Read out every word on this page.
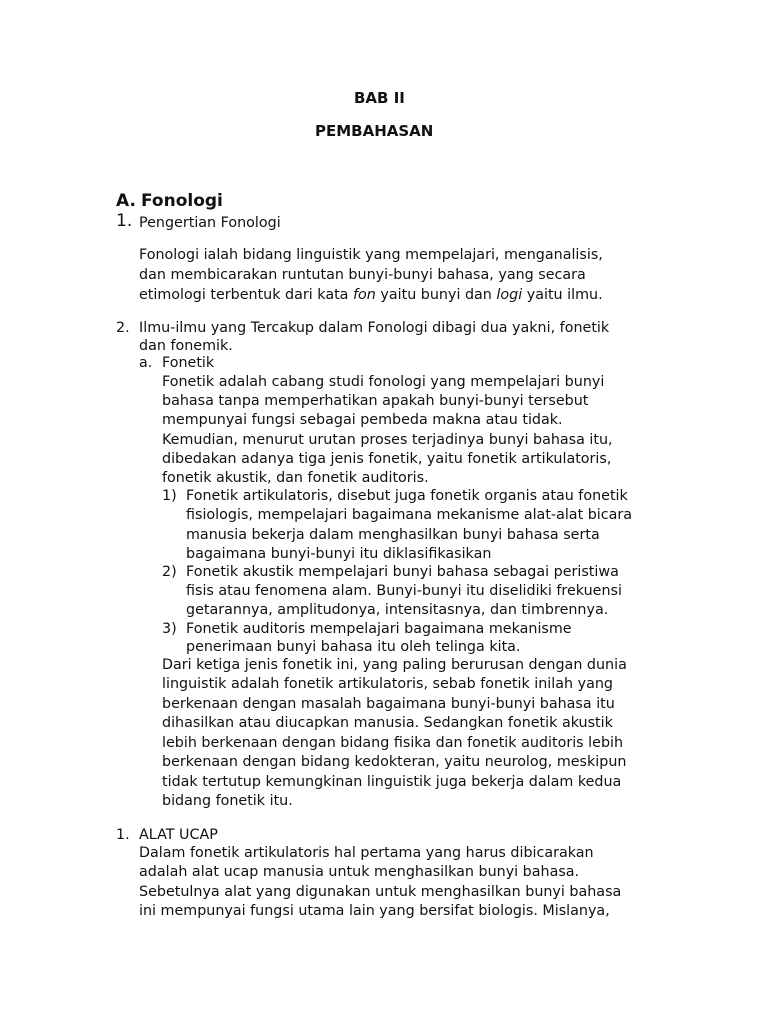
BAB II
PEMBAHASAN
A. Fonologi
1. Pengertian Fonologi
Fonologi ialah bidang linguistik yang mempelajari, menganalisis,
dan membicarakan runtutan bunyi-bunyi bahasa, yang secara
etimologi terbentuk dari kata fon yaitu bunyi dan logi yaitu ilmu.
2. Ilmu-ilmu yang Tercakup dalam Fonologi dibagi dua yakni, fonetik
dan fonemik.
a. Fonetik
Fonetik adalah cabang studi fonologi yang mempelajari bunyi
bahasa tanpa memperhatikan apakah bunyi-bunyi tersebut
mempunyai fungsi sebagai pembeda makna atau tidak.
Kemudian, menurut urutan proses terjadinya bunyi bahasa itu,
dibedakan adanya tiga jenis fonetik, yaitu fonetik artikulatoris,
fonetik akustik, dan fonetik auditoris.
1) Fonetik artikulatoris, disebut juga fonetik organis atau fonetik
fisiologis, mempelajari bagaimana mekanisme alat-alat bicara
manusia bekerja dalam menghasilkan bunyi bahasa serta
bagaimana bunyi-bunyi itu diklasifikasikan
2) Fonetik akustik mempelajari bunyi bahasa sebagai peristiwa
fisis atau fenomena alam. Bunyi-bunyi itu diselidiki frekuensi
getarannya, amplitudonya, intensitasnya, dan timbrennya.
3) Fonetik auditoris mempelajari bagaimana mekanisme
penerimaan bunyi bahasa itu oleh telinga kita.
Dari ketiga jenis fonetik ini, yang paling berurusan dengan dunia
linguistik adalah fonetik artikulatoris, sebab fonetik inilah yang
berkenaan dengan masalah bagaimana bunyi-bunyi bahasa itu
dihasilkan atau diucapkan manusia. Sedangkan fonetik akustik
lebih berkenaan dengan bidang fisika dan fonetik auditoris lebih
berkenaan dengan bidang kedokteran, yaitu neurolog, meskipun
tidak tertutup kemungkinan linguistik juga bekerja dalam kedua
bidang fonetik itu.
1. ALAT UCAP
Dalam fonetik artikulatoris hal pertama yang harus dibicarakan
adalah alat ucap manusia untuk menghasilkan bunyi bahasa.
Sebetulnya alat yang digunakan untuk menghasilkan bunyi bahasa
ini mempunyai fungsi utama lain yang bersifat biologis. Mislanya,
